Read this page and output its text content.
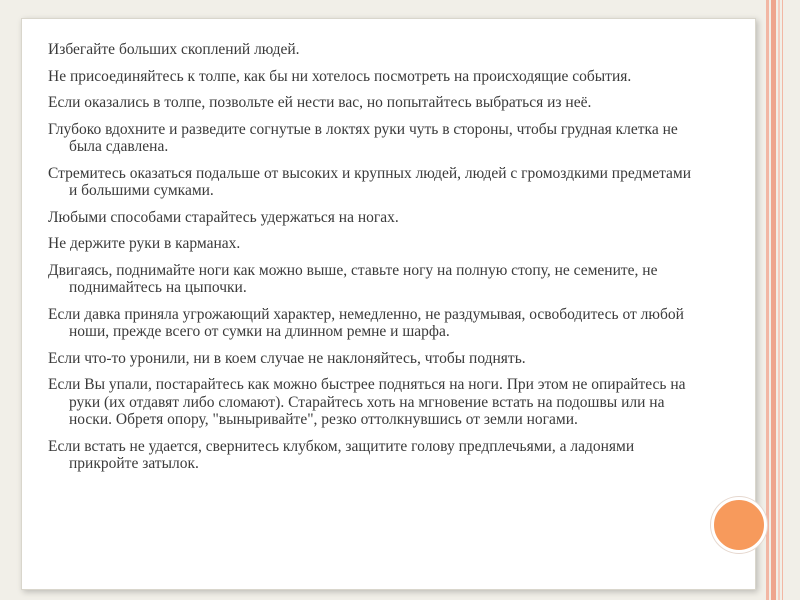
Избегайте больших скоплений людей.

Не присоединяйтесь к толпе, как бы ни хотелось посмотреть на происходящие события.

Если оказались в толпе, позвольте ей нести вас, но попытайтесь выбраться из неё.

Глубоко вдохните и разведите согнутые в локтях руки чуть в стороны, чтобы грудная клетка не была сдавлена.

Стремитесь оказаться подальше от высоких и крупных людей, людей с громоздкими предметами и большими сумками.

Любыми способами старайтесь удержаться на ногах.

Не держите руки в карманах.

Двигаясь, поднимайте ноги как можно выше, ставьте ногу на полную стопу, не семените, не поднимайтесь на цыпочки.

Если давка приняла угрожающий характер, немедленно, не раздумывая, освободитесь от любой ноши, прежде всего от сумки на длинном ремне и шарфа.

Если что-то уронили, ни в коем случае не наклоняйтесь, чтобы поднять.

Если Вы упали, постарайтесь как можно быстрее подняться на ноги. При этом не опирайтесь на руки (их отдавят либо сломают). Старайтесь хоть на мгновение встать на подошвы или на носки. Обретя опору, "выныривайте", резко оттолкнувшись от земли ногами.

Если встать не удается, свернитесь клубком, защитите голову предплечьями, а ладонями прикройте затылок.
